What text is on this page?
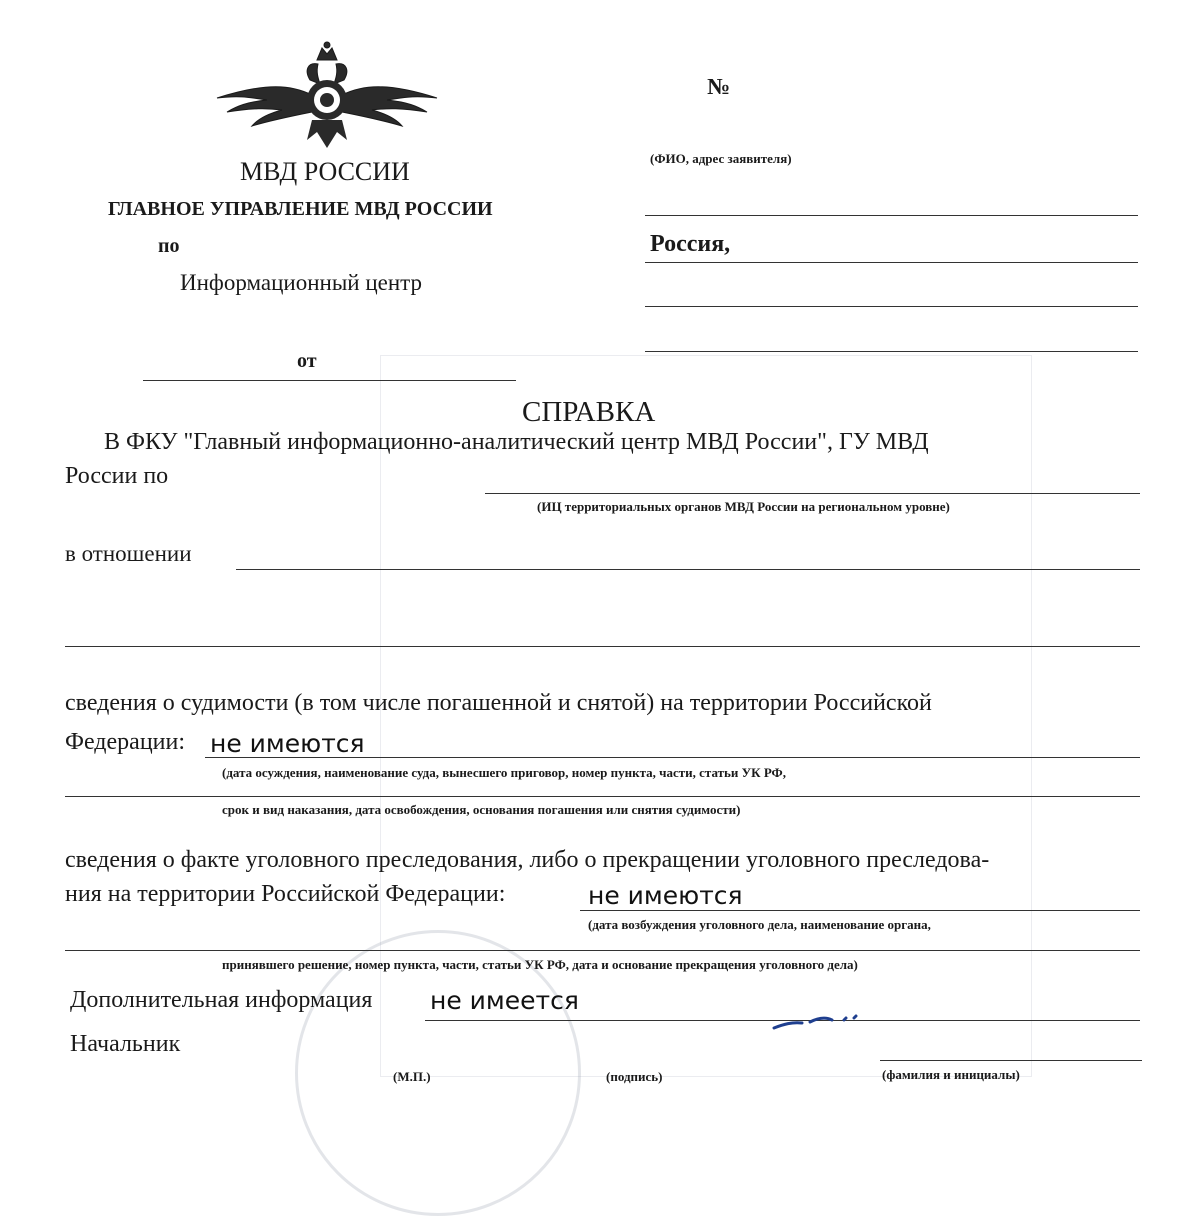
МВД РОССИИ
ГЛАВНОЕ УПРАВЛЕНИЕ МВД РОССИИ
по
Информационный центр
от
№
(ФИО, адрес заявителя)
Россия,
СПРАВКА
В ФКУ "Главный информационно-аналитический центр МВД России", ГУ МВД
России по
(ИЦ территориальных органов МВД России на региональном уровне)
в отношении
сведения о судимости (в том числе погашенной и снятой) на территории Российской
Федерации: не имеются
(дата осуждения, наименование суда, вынесшего приговор, номер пункта, части, статьи УК РФ,
срок и вид наказания, дата освобождения, основания погашения или снятия судимости)
сведения о факте уголовного преследования, либо о прекращении уголовного преследова-
ния на территории Российской Федерации:	не имеются
(дата возбуждения уголовного дела, наименование органа,
принявшего решение, номер пункта, части, статьи УК РФ, дата и основание прекращения уголовного дела)
Дополнительная информация не имеется
Начальник
(М.П.)	(подпись)	(фамилия и инициалы)
